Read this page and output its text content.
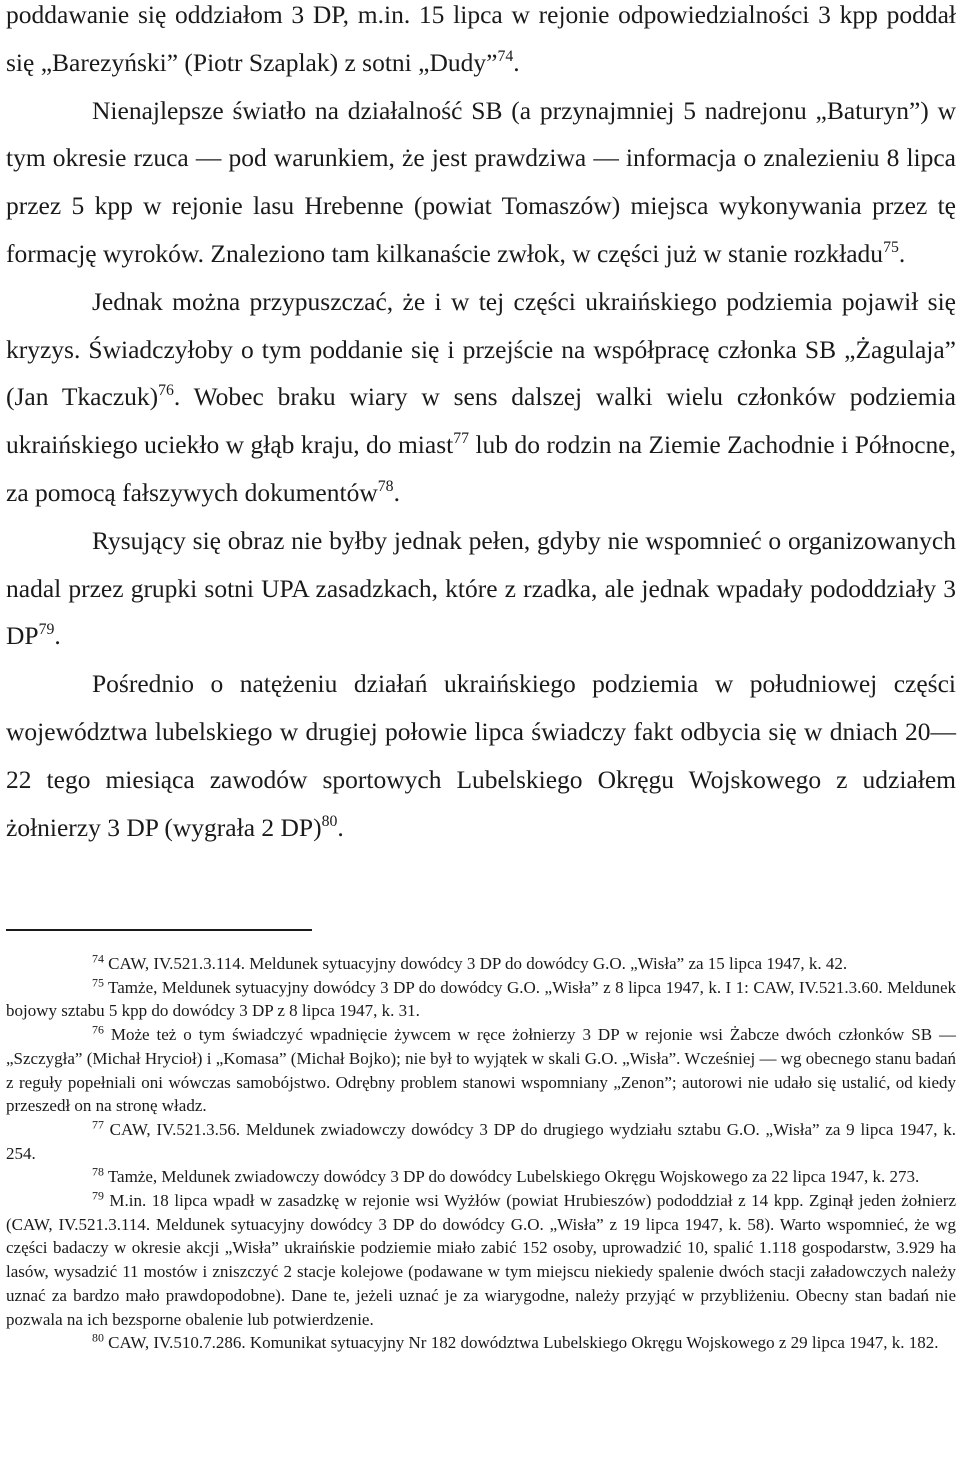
poddawanie się oddziałom 3 DP, m.in. 15 lipca w rejonie odpowiedzialności 3 kpp poddał się „Barezyński” (Piotr Szaplak) z sotni „Dudy”$^{74}$.

Nienajlepsze światło na działalność SB (a przynajmniej 5 nadrejonu „Baturyn”) w tym okresie rzuca — pod warunkiem, że jest prawdziwa — informacja o znalezieniu 8 lipca przez 5 kpp w rejonie lasu Hrebenne (powiat Tomaszów) miejsca wykonywania przez tę formację wyroków. Znaleziono tam kilkanaście zwłok, w części już w stanie rozkładu$^{75}$.

Jednak można przypuszczać, że i w tej części ukraińskiego podziemia pojawił się kryzys. Świadczyłoby o tym poddanie się i przejście na współpracę członka SB „Żagulaja” (Jan Tkaczuk)$^{76}$. Wobec braku wiary w sens dalszej walki wielu członków podziemia ukraińskiego uciekło w głąb kraju, do miast$^{77}$ lub do rodzin na Ziemie Zachodnie i Północne, za pomocą fałszywych dokumentów$^{78}$.

Rysujący się obraz nie byłby jednak pełen, gdyby nie wspomnieć o organizowanych nadal przez grupki sotni UPA zasadzkach, które z rzadka, ale jednak wpadały pododdziały 3 DP$^{79}$.

Pośrednio o natężeniu działań ukraińskiego podziemia w południowej części województwa lubelskiego w drugiej połowie lipca świadczy fakt odbycia się w dniach 20—22 tego miesiąca zawodów sportowych Lubelskiego Okręgu Wojskowego z udziałem żołnierzy 3 DP (wygrała 2 DP)$^{80}$.

$^{74}$ CAW, IV.521.3.114. Meldunek sytuacyjny dowódcy 3 DP do dowódcy G.O. „Wisła” za 15 lipca 1947, k. 42.

$^{75}$ Tamże, Meldunek sytuacyjny dowódcy 3 DP do dowódcy G.O. „Wisła” z 8 lipca 1947, k. I 1: CAW, IV.521.3.60. Meldunek bojowy sztabu 5 kpp do dowódcy 3 DP z 8 lipca 1947, k. 31.

$^{76}$ Może też o tym świadczyć wpadnięcie żywcem w ręce żołnierzy 3 DP w rejonie wsi Żabcze dwóch członków SB — „Szczygła” (Michał Hrycioł) i „Komasa” (Michał Bojko); nie był to wyjątek w skali G.O. „Wisła”. Wcześniej — wg obecnego stanu badań z reguły popełniali oni wówczas samobójstwo. Odrębny problem stanowi wspomniany „Zenon”; autorowi nie udało się ustalić, od kiedy przeszedł on na stronę władz.

$^{77}$ CAW, IV.521.3.56. Meldunek zwiadowczy dowódcy 3 DP do drugiego wydziału sztabu G.O. „Wisła” za 9 lipca 1947, k. 254.

$^{78}$ Tamże, Meldunek zwiadowczy dowódcy 3 DP do dowódcy Lubelskiego Okręgu Wojskowego za 22 lipca 1947, k. 273.

$^{79}$ M.in. 18 lipca wpadł w zasadzkę w rejonie wsi Wyżłów (powiat Hrubieszów) pododdział z 14 kpp. Zginął jeden żołnierz (CAW, IV.521.3.114. Meldunek sytuacyjny dowódcy 3 DP do dowódcy G.O. „Wisła” z 19 lipca 1947, k. 58). Warto wspomnieć, że wg części badaczy w okresie akcji „Wisła” ukraińskie podziemie miało zabić 152 osoby, uprowadzić 10, spalić 1.118 gospodarstw, 3.929 ha lasów, wysadzić 11 mostów i zniszczyć 2 stacje kolejowe (podawane w tym miejscu niekiedy spalenie dwóch stacji załadowczych należy uznać za bardzo mało prawdopodobne). Dane te, jeżeli uznać je za wiarygodne, należy przyjąć w przybliżeniu. Obecny stan badań nie pozwala na ich bezsporne obalenie lub potwierdzenie.

$^{80}$ CAW, IV.510.7.286. Komunikat sytuacyjny Nr 182 dowództwa Lubelskiego Okręgu Wojskowego z 29 lipca 1947, k. 182.
